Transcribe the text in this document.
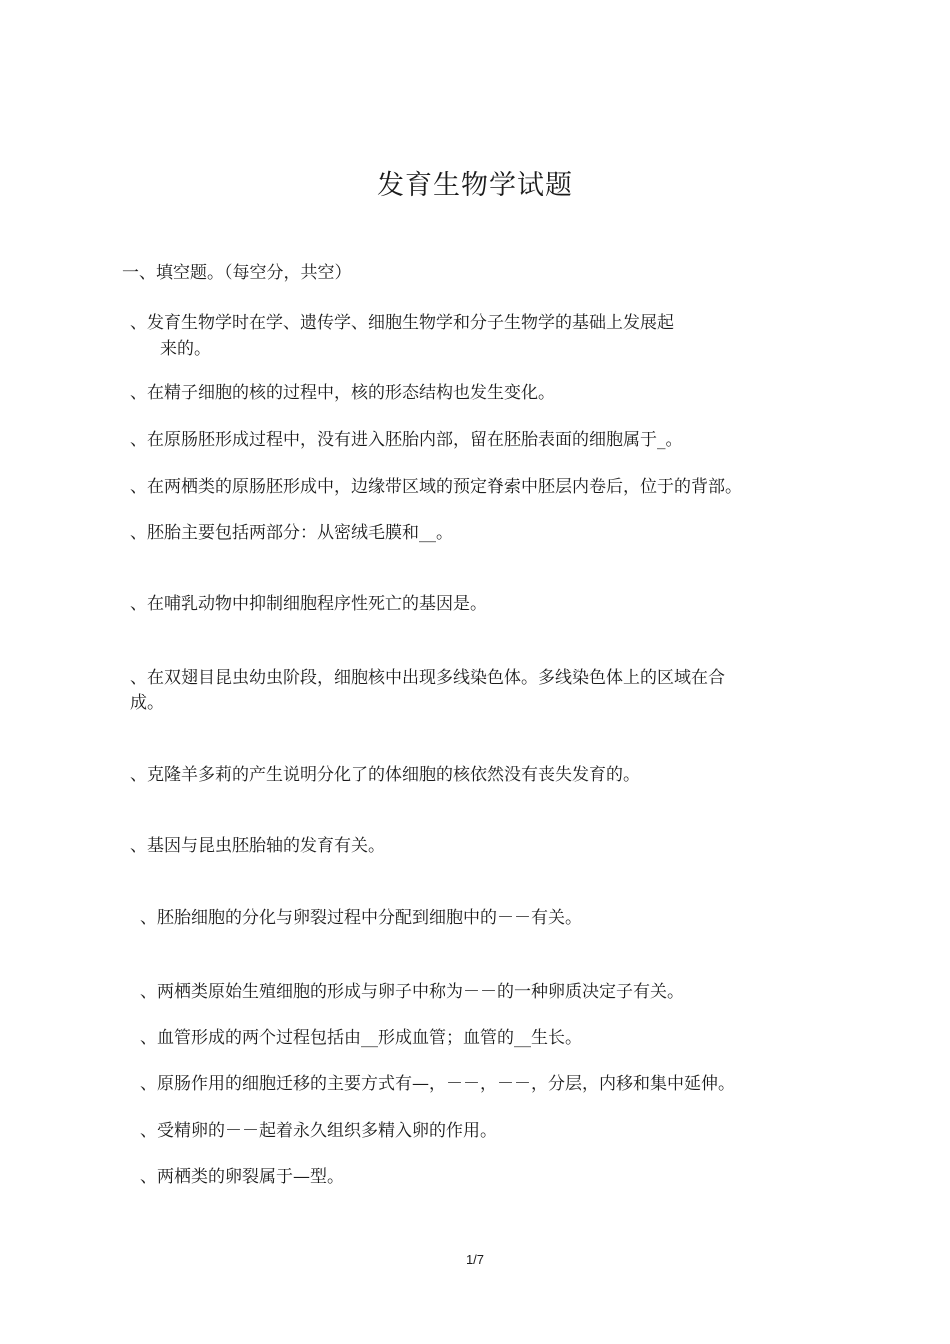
发育生物学试题
一、填空题。（每空分，共空）
、发育生物学时在学、遗传学、细胞生物学和分子生物学的基础上发展起
来的。
、在精子细胞的核的过程中，核的形态结构也发生变化。
、在原肠胚形成过程中，没有进入胚胎内部，留在胚胎表面的细胞属于_。
、在两栖类的原肠胚形成中，边缘带区域的预定脊索中胚层内卷后，位于的背部。
、胚胎主要包括两部分：从密绒毛膜和__。
、在哺乳动物中抑制细胞程序性死亡的基因是。
、在双翅目昆虫幼虫阶段，细胞核中出现多线染色体。多线染色体上的区域在合
成。
、克隆羊多莉的产生说明分化了的体细胞的核依然没有丧失发育的。
、基因与昆虫胚胎轴的发育有关。
、胚胎细胞的分化与卵裂过程中分配到细胞中的－－有关。
、两栖类原始生殖细胞的形成与卵子中称为－－的一种卵质决定子有关。
、血管形成的两个过程包括由__形成血管；血管的__生长。
、原肠作用的细胞迁移的主要方式有—，－－，－－，分层，内移和集中延伸。
、受精卵的－－起着永久组织多精入卵的作用。
、两栖类的卵裂属于—型。
1/7
